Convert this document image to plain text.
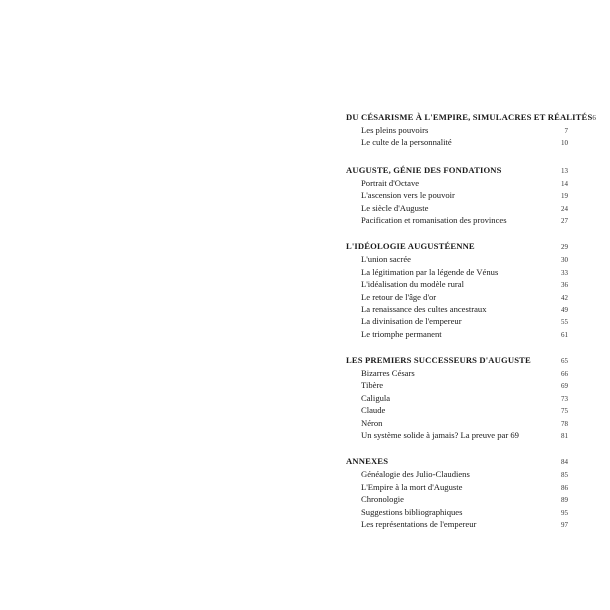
DU CÉSARISME À L'EMPIRE, SIMULACRES ET RÉALITÉS 6
Les pleins pouvoirs	7
Le culte de la personnalité	10
AUGUSTE, GÉNIE DES FONDATIONS	13
Portrait d'Octave	14
L'ascension vers le pouvoir	19
Le siècle d'Auguste	24
Pacification et romanisation des provinces	27
L'IDÉOLOGIE AUGUSTÉENNE	29
L'union sacrée	30
La légitimation par la légende de Vénus	33
L'idéalisation du modèle rural	36
Le retour de l'âge d'or	42
La renaissance des cultes ancestraux	49
La divinisation de l'empereur	55
Le triomphe permanent	61
LES PREMIERS SUCCESSEURS D'AUGUSTE	65
Bizarres Césars	66
Tibère	69
Caligula	73
Claude	75
Néron	78
Un système solide à jamais? La preuve par 69	81
ANNEXES	84
Généalogie des Julio-Claudiens	85
L'Empire à la mort d'Auguste	86
Chronologie	89
Suggestions bibliographiques	95
Les représentations de l'empereur	97
